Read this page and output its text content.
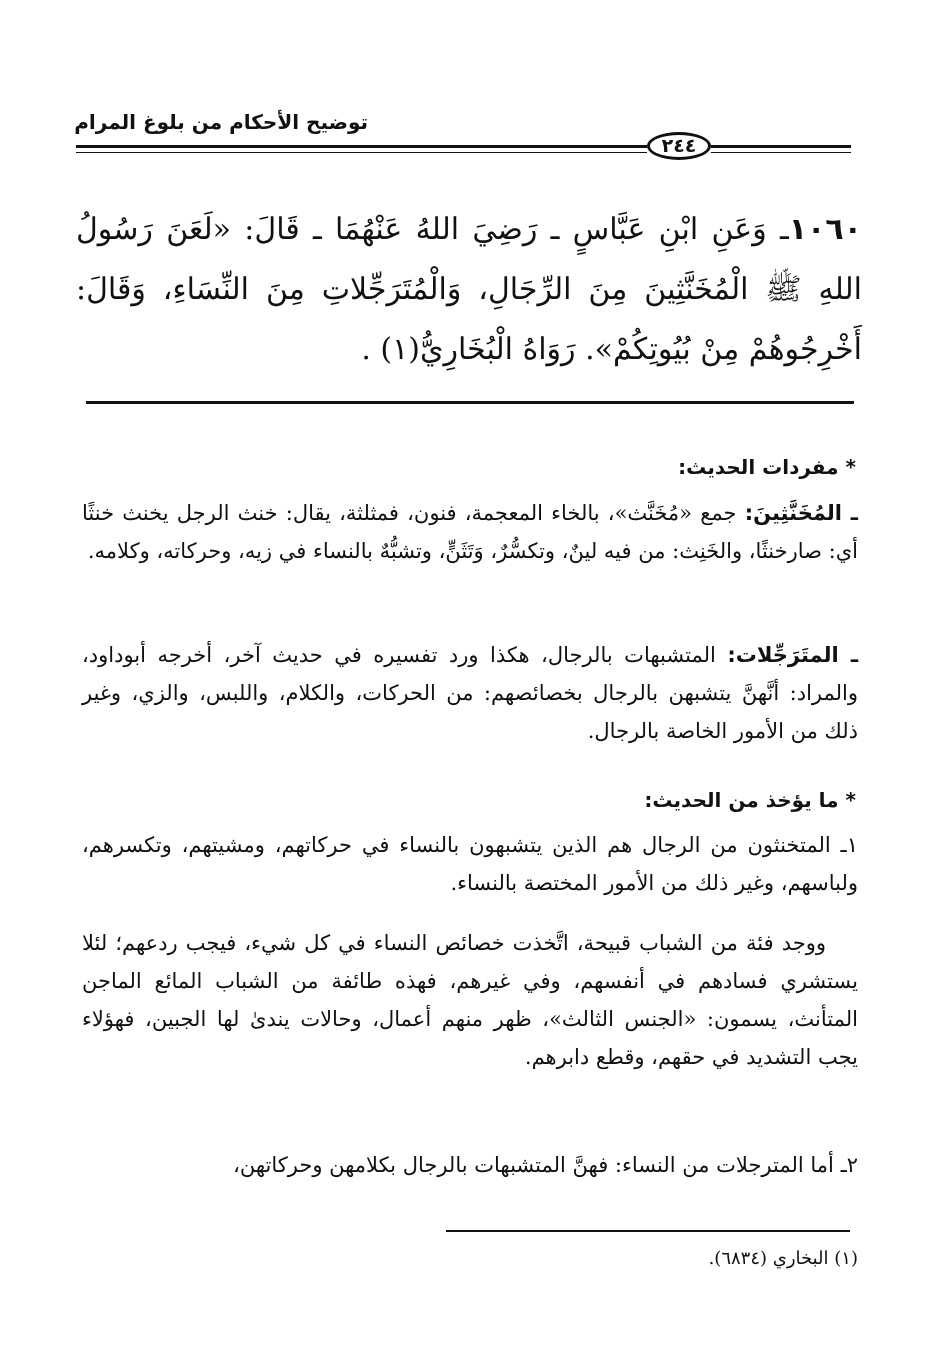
توضيح الأحكام من بلوغ المرام
٢٤٤
١٠٦٠ـ وَعَنِ ابْنِ عَبَّاسٍ ـ رَضِيَ اللهُ عَنْهُمَا ـ قَالَ: «لَعَنَ رَسُولُ اللهِ ﷺ الْمُخَنَّثِينَ مِنَ الرِّجَالِ، وَالْمُتَرَجِّلاتِ مِنَ النِّسَاءِ، وَقَالَ: أَخْرِجُوهُمْ مِنْ بُيُوتِكُمْ». رَوَاهُ الْبُخَارِيُّ(١) .
* مفردات الحديث:
ـ المُخَنَّثِينَ: جمع «مُخَنَّث»، بالخاء المعجمة، فنون، فمثلثة، يقال: خنث الرجل يخنث خنثًا أي: صارخنثًا، والخَنِث: من فيه لينٌ، وتكسُّرٌ، وَتَثَنٍّ، وتشبُّهٌ بالنساء في زيه، وحركاته، وكلامه.
ـ المتَرَجِّلات: المتشبهات بالرجال، هكذا ورد تفسيره في حديث آخر، أخرجه أبوداود، والمراد: أنَّهنَّ يتشبهن بالرجال بخصائصهم: من الحركات، والكلام، واللبس، والزي، وغير ذلك من الأمور الخاصة بالرجال.
* ما يؤخذ من الحديث:
١ـ المتخنثون من الرجال هم الذين يتشبهون بالنساء في حركاتهم، ومشيتهم، وتكسرهم، ولباسهم، وغير ذلك من الأمور المختصة بالنساء.
ووجد فئة من الشباب قبيحة، اتَّخذت خصائص النساء في كل شيء، فيجب ردعهم؛ لئلا يستشري فسادهم في أنفسهم، وفي غيرهم، فهذه طائفة من الشباب المائع الماجن المتأنث، يسمون: «الجنس الثالث»، ظهر منهم أعمال، وحالات يندىٰ لها الجبين، فهؤلاء يجب التشديد في حقهم، وقطع دابرهم.
٢ـ أما المترجلات من النساء: فهنَّ المتشبهات بالرجال بكلامهن وحركاتهن،
(١) البخاري (٦٨٣٤).
